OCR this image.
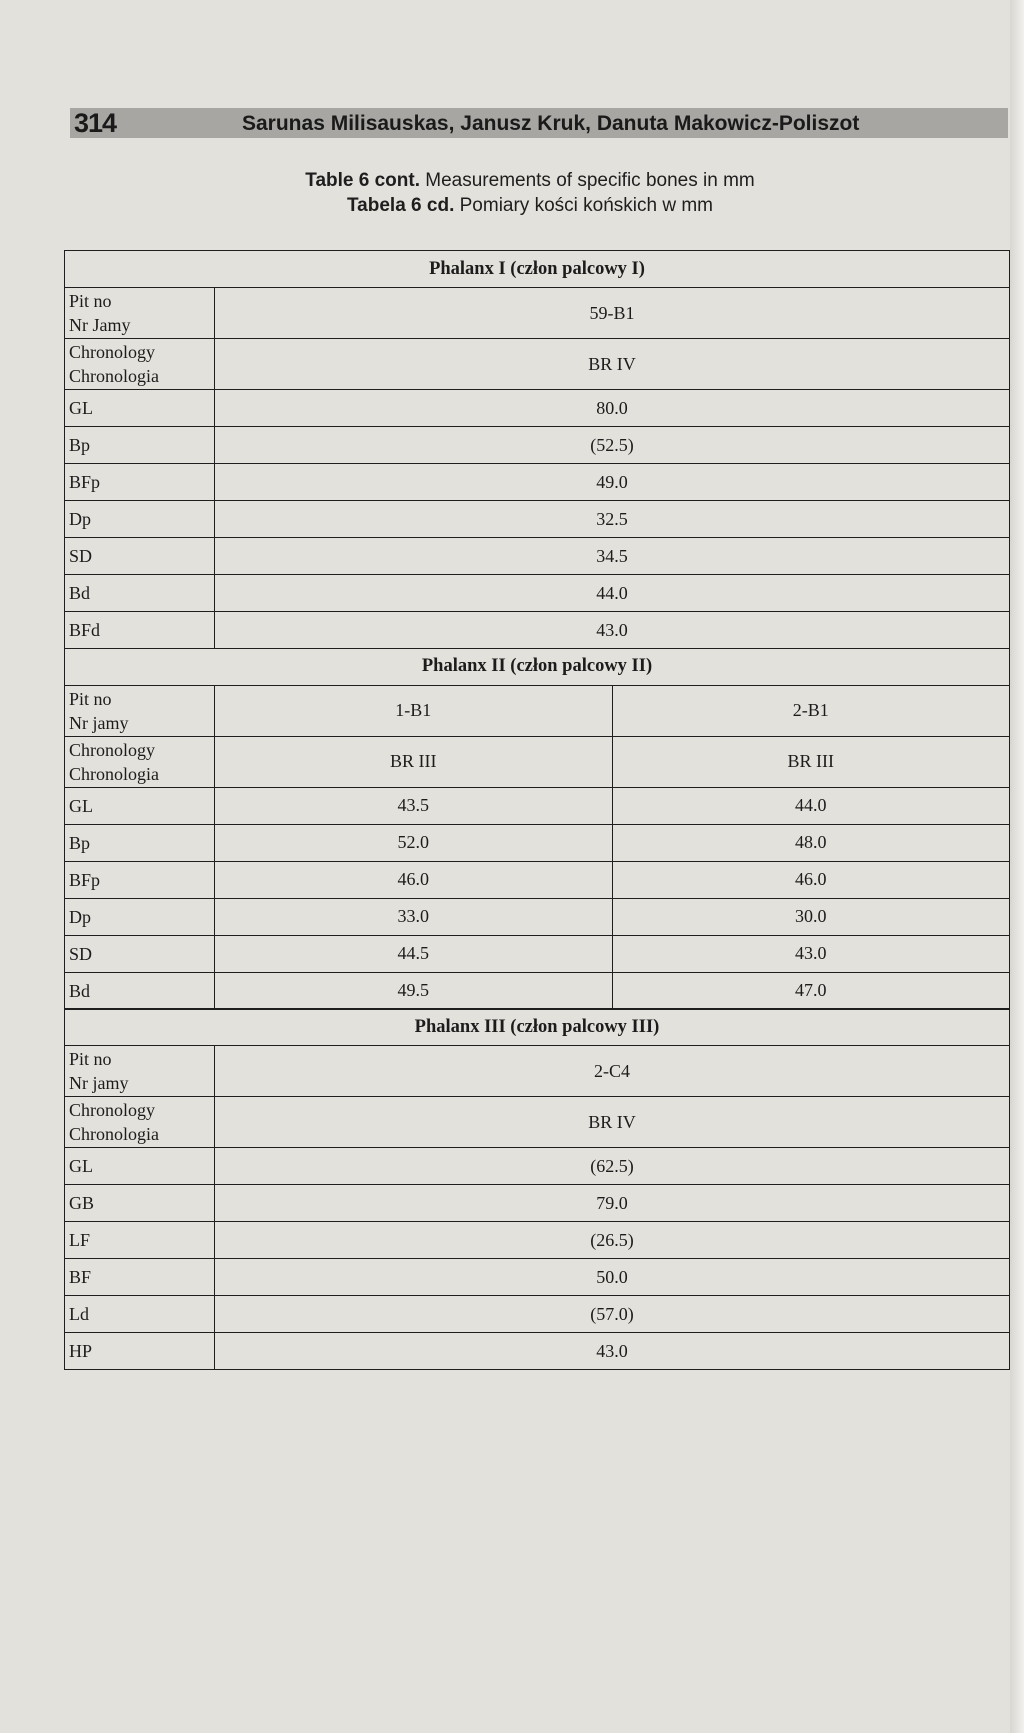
314	Sarunas Milisauskas, Janusz Kruk, Danuta Makowicz-Poliszot
Table 6 cont. Measurements of specific bones in mm
Tabela 6 cd. Pomiary kości końskich w mm
Phalanx I (człon palcowy I)	

Pit no
Nr Jamy	59-B1

Chronology
Chronologia	BR IV
GL	80.0
Bp	(52.5)
BFp	49.0
Dp	32.5
SD	34.5
Bd	44.0
BFd	43.0
Phalanx II (człon palcowy II)		

Pit no
Nr jamy	1-B1	2-B1

Chronology
Chronologia	BR III	BR III
GL	43.5	44.0
Bp	52.0	48.0
BFp	46.0	46.0
Dp	33.0	30.0
SD	44.5	43.0
Bd	49.5	47.0
Phalanx III (człon palcowy III)	

Pit no
Nr jamy	2-C4

Chronology
Chronologia	BR IV
GL	(62.5)
GB	79.0
LF	(26.5)
BF	50.0
Ld	(57.0)
HP	43.0
